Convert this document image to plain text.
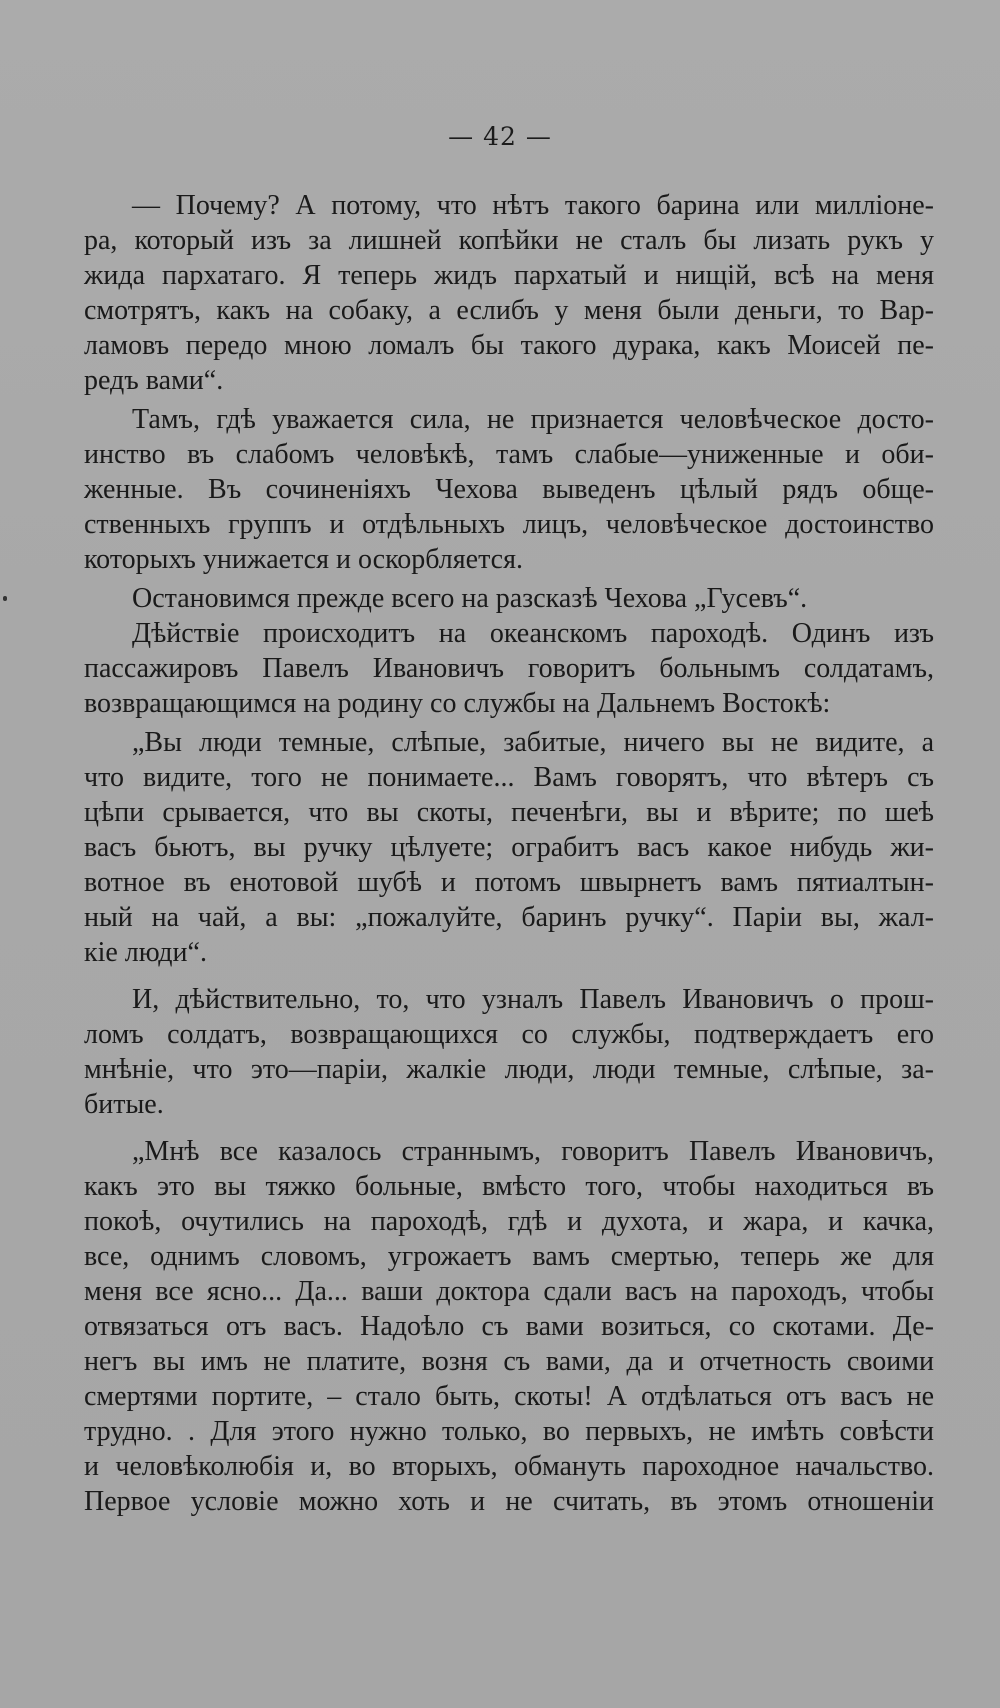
— 42 —
— Почему? А потому, что нѣтъ такого барина или милліоне-
ра, который изъ за лишней копѣйки не сталъ бы лизать рукъ у
жида пархатаго. Я теперь жидъ пархатый и нищій, всѣ на меня
смотрятъ, какъ на собаку, а еслибъ у меня были деньги, то Вар-
ламовъ передо мною ломалъ бы такого дурака, какъ Моисей пе-
редъ вами“.
Тамъ, гдѣ уважается сила, не признается человѣческое досто-
инство въ слабомъ человѣкѣ, тамъ слабые—униженные и оби-
женные. Въ сочиненіяхъ Чехова выведенъ цѣлый рядъ обще-
ственныхъ группъ и отдѣльныхъ лицъ, человѣческое достоинство
которыхъ унижается и оскорбляется.
Остановимся прежде всего на разсказѣ Чехова „Гусевъ“.
Дѣйствіе происходитъ на океанскомъ пароходѣ. Одинъ изъ
пассажировъ Павелъ Ивановичъ говоритъ больнымъ солдатамъ,
возвращающимся на родину со службы на Дальнемъ Востокѣ:
„Вы люди темные, слѣпые, забитые, ничего вы не видите, а
что видите, того не понимаете... Вамъ говорятъ, что вѣтеръ съ
цѣпи срывается, что вы скоты, печенѣги, вы и вѣрите; по шеѣ
васъ бьютъ, вы ручку цѣлуете; ограбитъ васъ какое нибудь жи-
вотное въ енотовой шубѣ и потомъ швырнетъ вамъ пятиалтын-
ный на чай, а вы: „пожалуйте, баринъ ручку“. Паріи вы, жал-
кіе люди“.
И, дѣйствительно, то, что узналъ Павелъ Ивановичъ о прош-
ломъ солдатъ, возвращающихся со службы, подтверждаетъ его
мнѣніе, что это—паріи, жалкіе люди, люди темные, слѣпые, за-
битые.
„Мнѣ все казалось страннымъ, говоритъ Павелъ Ивановичъ,
какъ это вы тяжко больные, вмѣсто того, чтобы находиться въ
покоѣ, очутились на пароходѣ, гдѣ и духота, и жара, и качка,
все, однимъ словомъ, угрожаетъ вамъ смертью, теперь же для
меня все ясно... Да... ваши доктора сдали васъ на пароходъ, чтобы
отвязаться отъ васъ. Надоѣло съ вами возиться, со скотами. Де-
негъ вы имъ не платите, возня съ вами, да и отчетность своими
смертями портите, – стало быть, скоты! А отдѣлаться отъ васъ не
трудно. . Для этого нужно только, во первыхъ, не имѣть совѣсти
и человѣколюбія и, во вторыхъ, обмануть пароходное начальство.
Первое условіе можно хоть и не считать, въ этомъ отношеніи
